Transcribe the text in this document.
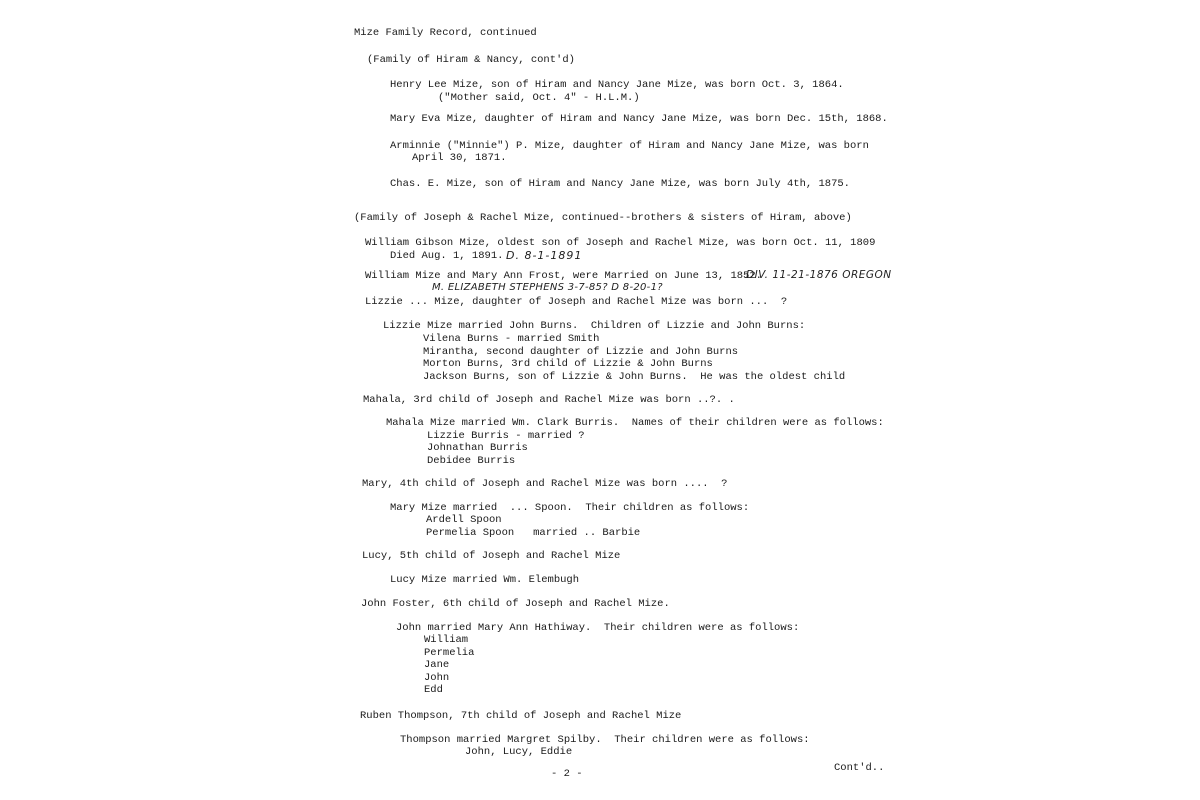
Mize Family Record, continued
(Family of Hiram & Nancy, cont'd)
Henry Lee Mize, son of Hiram and Nancy Jane Mize, was born Oct. 3, 1864.
("Mother said, Oct. 4" - H.L.M.)
Mary Eva Mize, daughter of Hiram and Nancy Jane Mize, was born Dec. 15th, 1868.
Arminnie ("Minnie") P. Mize, daughter of Hiram and Nancy Jane Mize, was born
April 30, 1871.
Chas. E. Mize, son of Hiram and Nancy Jane Mize, was born July 4th, 1875.
(Family of Joseph & Rachel Mize, continued--brothers & sisters of Hiram, above)
William Gibson Mize, oldest son of Joseph and Rachel Mize, was born Oct. 11, 1809
Died Aug. 1, 1891. D. 8-1-1891
William Mize and Mary Ann Frost, were Married on June 13, 1852.
DIV. 11-21-1876 OREGON
M. ELIZABETH STEPHENS 3-7-85? D 8-20-1?
Lizzie ... Mize, daughter of Joseph and Rachel Mize was born ...  ?
Lizzie Mize married John Burns.  Children of Lizzie and John Burns:
Vilena Burns - married Smith
Mirantha, second daughter of Lizzie and John Burns
Morton Burns, 3rd child of Lizzie & John Burns
Jackson Burns, son of Lizzie & John Burns.  He was the oldest child
Mahala, 3rd child of Joseph and Rachel Mize was born ..?. .
Mahala Mize married Wm. Clark Burris.  Names of their children were as follows:
Lizzie Burris - married ?
Johnathan Burris
Debidee Burris
Mary, 4th child of Joseph and Rachel Mize was born ....  ?
Mary Mize married  ... Spoon.  Their children as follows:
Ardell Spoon
Permelia Spoon   married .. Barbie
Lucy, 5th child of Joseph and Rachel Mize
Lucy Mize married Wm. Elembugh
John Foster, 6th child of Joseph and Rachel Mize.
John married Mary Ann Hathiway.  Their children were as follows:
William
Permelia
Jane
John
Edd
Ruben Thompson, 7th child of Joseph and Rachel Mize
Thompson married Margret Spilby.  Their children were as follows:
John, Lucy, Eddie
- 2 -	Cont'd..
